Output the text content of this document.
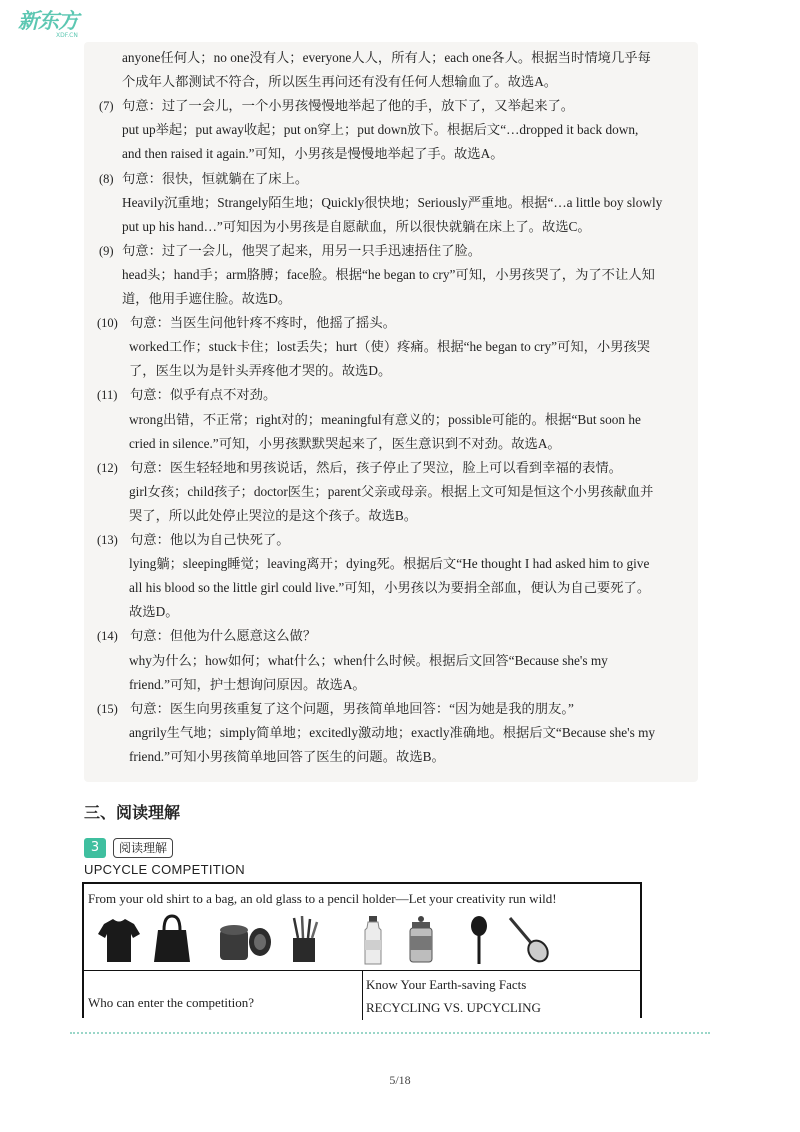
新东方
XDF.CN
anyone任何人；no one没有人；everyone人人，所有人；each one各人。根据当时情境几乎每
个成年人都测试不符合，所以医生再问还有没有任何人想输血了。故选A。
(7) 句意：过了一会儿，一个小男孩慢慢地举起了他的手，放下了，又举起来了。
put up举起；put away收起；put on穿上；put down放下。根据后文“…dropped it back down,
and then raised it again.”可知，小男孩是慢慢地举起了手。故选A。
(8) 句意：很快，恒就躺在了床上。
Heavily沉重地；Strangely陌生地；Quickly很快地；Seriously严重地。根据“…a little boy slowly
put up his hand…”可知因为小男孩是自愿献血，所以很快就躺在床上了。故选C。
(9) 句意：过了一会儿，他哭了起来，用另一只手迅速捂住了脸。
head头；hand手；arm胳膊；face脸。根据“he began to cry”可知，小男孩哭了，为了不让人知
道，他用手遮住脸。故选D。
(10) 句意：当医生问他针疼不疼时，他摇了摇头。
worked工作；stuck卡住；lost丢失；hurt（使）疼痛。根据“he began to cry”可知，小男孩哭
了，医生以为是针头弄疼他才哭的。故选D。
(11) 句意：似乎有点不对劲。
wrong出错，不正常；right对的；meaningful有意义的；possible可能的。根据“But soon he
cried in silence.”可知，小男孩默默哭起来了，医生意识到不对劲。故选A。
(12) 句意：医生轻轻地和男孩说话，然后，孩子停止了哭泣，脸上可以看到幸福的表情。
girl女孩；child孩子；doctor医生；parent父亲或母亲。根据上文可知是恒这个小男孩献血并
哭了，所以此处停止哭泣的是这个孩子。故选B。
(13) 句意：他以为自己快死了。
lying躺；sleeping睡觉；leaving离开；dying死。根据后文“He thought I had asked him to give
all his blood so the little girl could live.”可知，小男孩以为要捐全部血，便认为自己要死了。
故选D。
(14) 句意：但他为什么愿意这么做？
why为什么；how如何；what什么；when什么时候。根据后文回答“Because she's my
friend.”可知，护士想询问原因。故选A。
(15) 句意：医生向男孩重复了这个问题，男孩简单地回答：“因为她是我的朋友。”
angrily生气地；simply简单地；excitedly激动地；exactly准确地。根据后文“Because she's my
friend.”可知小男孩简单地回答了医生的问题。故选B。
三、阅读理解
3	阅读理解
UPCYCLE COMPETITION
From your old shirt to a bag, an old glass to a pencil holder—Let your creativity run wild!
Who can enter the competition?
Know Your Earth-saving Facts
RECYCLING VS. UPCYCLING
5/18
